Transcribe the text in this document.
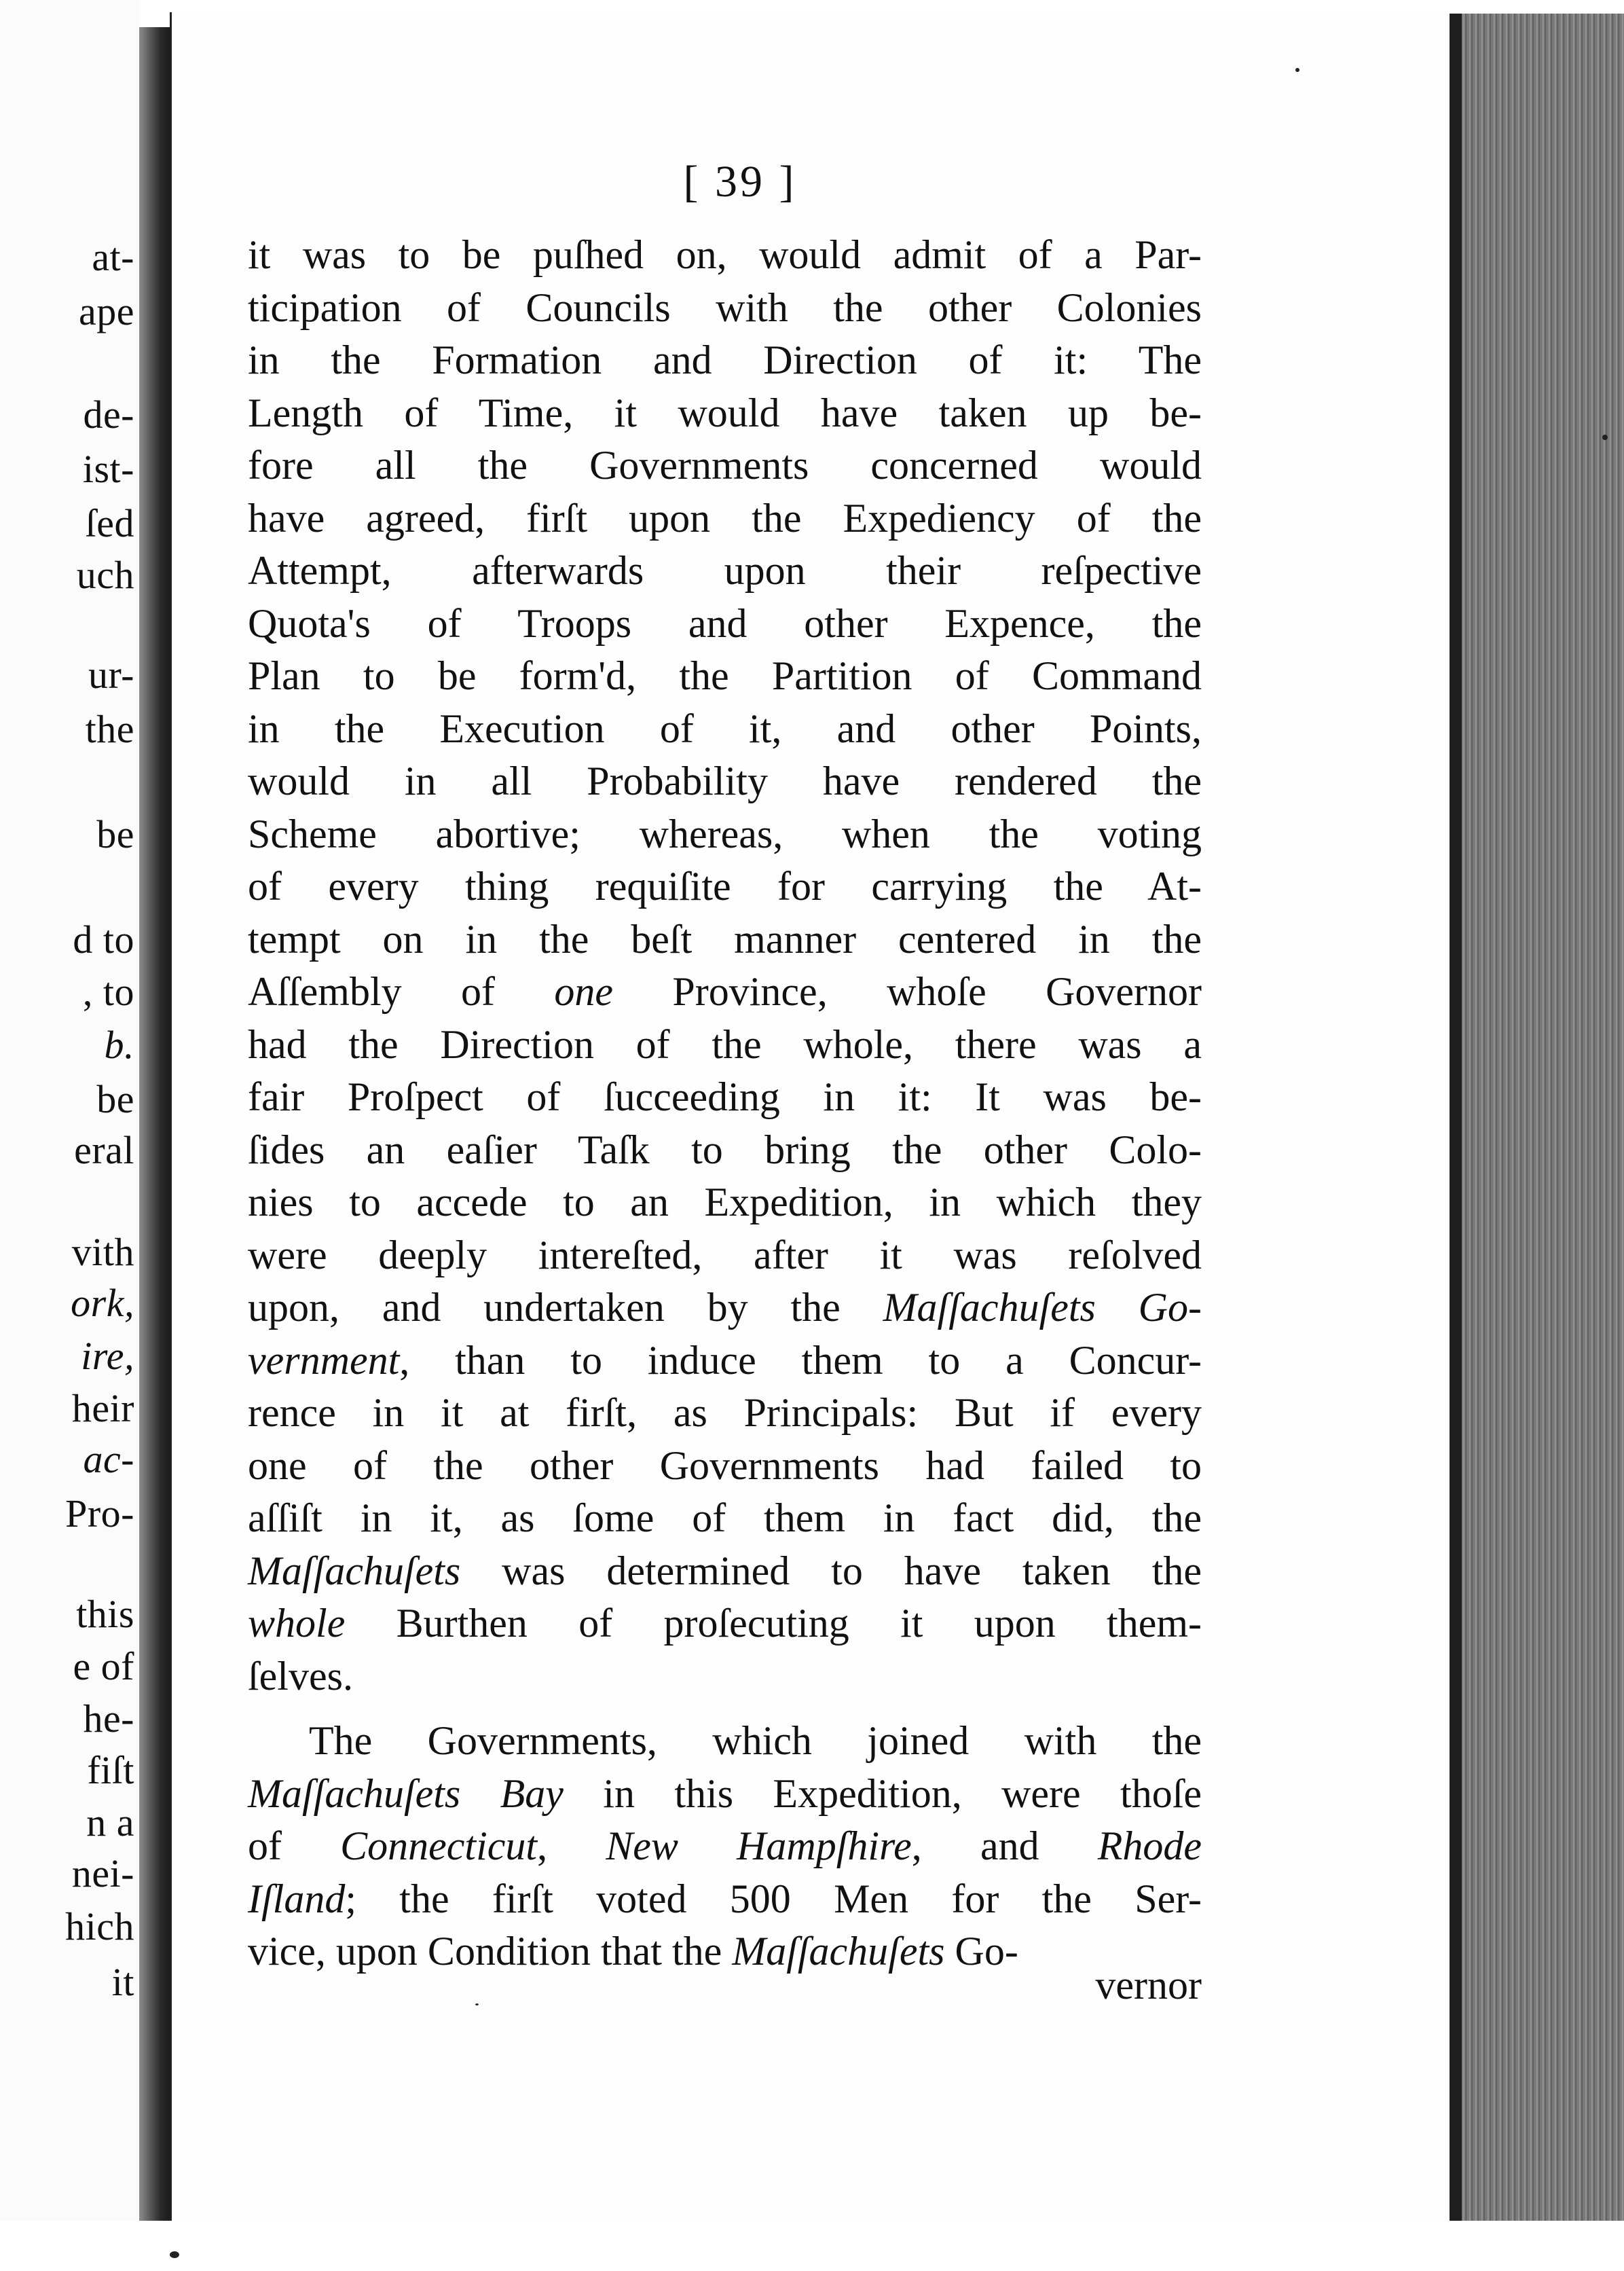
at-
ape
de-
ist-
ſed
uch
ur-
the
be
d to
, to
b.
be
eral
vith
ork,
ire,
heir
ac-
Pro-
this
e of
he-
fiſt
n a
nei-
hich
it
[ 39 ]
it was to be puſhed on, would admit of a Par-
ticipation of Councils with the other Colonies
in the Formation and Direction of it: The
Length of Time, it would have taken up be-
fore all the Governments concerned would
have agreed, firſt upon the Expediency of the
Attempt, afterwards upon their reſpective
Quota's of Troops and other Expence, the
Plan to be form'd, the Partition of Command
in the Execution of it, and other Points,
would in all Probability have rendered the
Scheme abortive; whereas, when the voting
of every thing requiſite for carrying the At-
tempt on in the beſt manner centered in the
Aſſembly of one Province, whoſe Governor
had the Direction of the whole, there was a
fair Proſpect of ſucceeding in it: It was be-
ſides an eaſier Taſk to bring the other Colo-
nies to accede to an Expedition, in which they
were deeply intereſted, after it was reſolved
upon, and undertaken by the Maſſachuſets Go-
vernment, than to induce them to a Concur-
rence in it at firſt, as Principals: But if every
one of the other Governments had failed to
aſſiſt in it, as ſome of them in fact did, the
Maſſachuſets was determined to have taken the
whole Burthen of proſecuting it upon them-
ſelves.
The Governments, which joined with the
Maſſachuſets Bay in this Expedition, were thoſe
of Connecticut, New Hampſhire, and Rhode
Iſland; the firſt voted 500 Men for the Ser-
vice, upon Condition that the Maſſachuſets Go-
vernor
